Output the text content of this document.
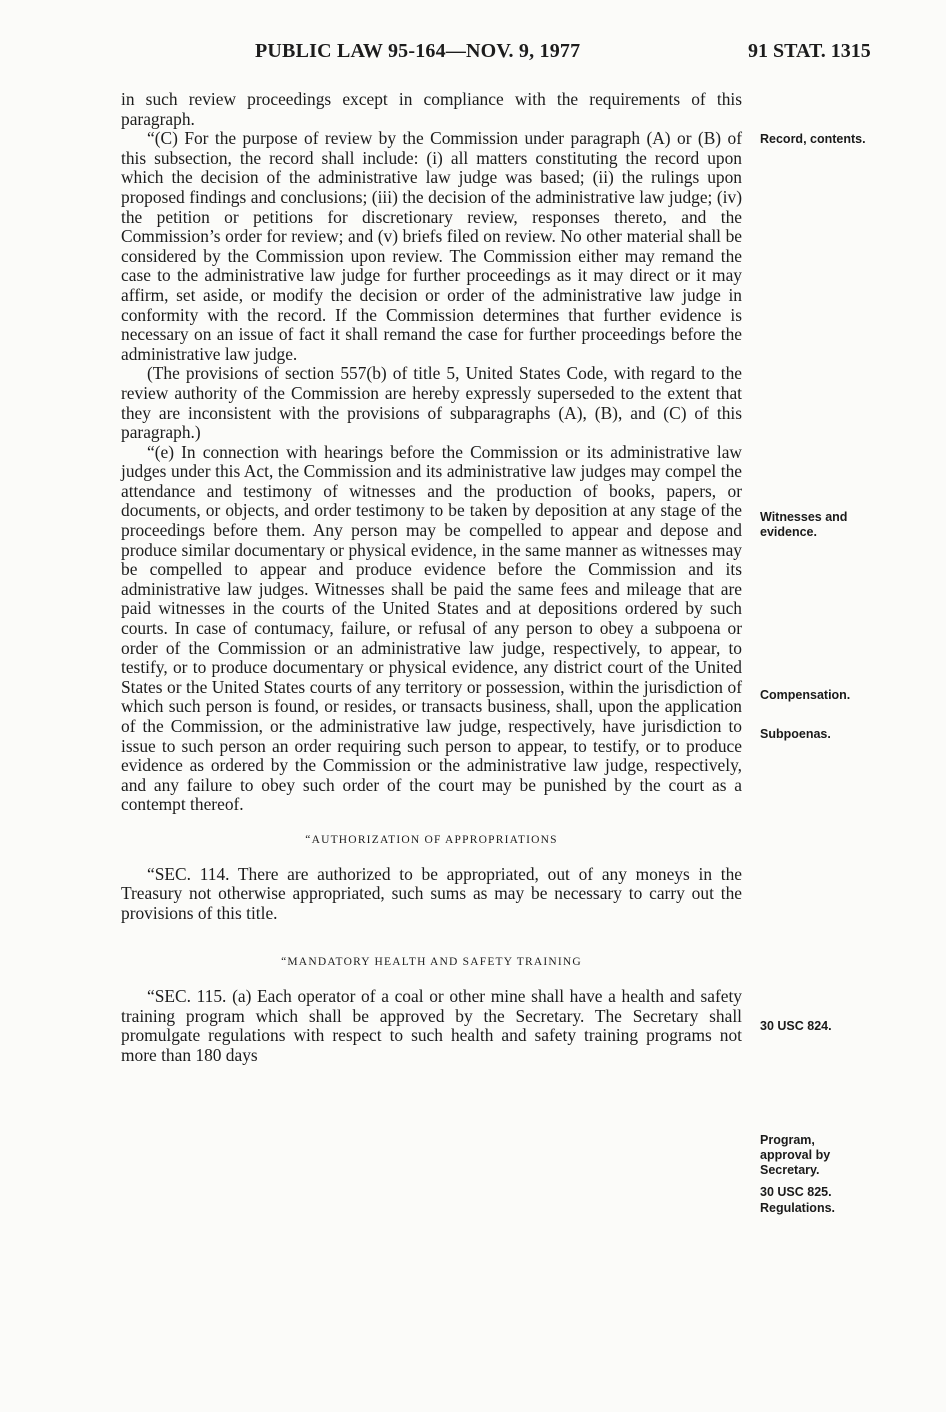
PUBLIC LAW 95-164—NOV. 9, 1977	91 STAT. 1315

in such review proceedings except in compliance with the requirements of this paragraph.

“(C) For the purpose of review by the Commission under paragraph (A) or (B) of this subsection, the record shall include: (i) all matters constituting the record upon which the decision of the administrative law judge was based; (ii) the rulings upon proposed findings and conclusions; (iii) the decision of the administrative law judge; (iv) the petition or petitions for discretionary review, responses thereto, and the Commission’s order for review; and (v) briefs filed on review. No other material shall be considered by the Commission upon review. The Commission either may remand the case to the administrative law judge for further proceedings as it may direct or it may affirm, set aside, or modify the decision or order of the administrative law judge in conformity with the record. If the Commission determines that further evidence is necessary on an issue of fact it shall remand the case for further proceedings before the administrative law judge.

(The provisions of section 557(b) of title 5, United States Code, with regard to the review authority of the Commission are hereby expressly superseded to the extent that they are inconsistent with the provisions of subparagraphs (A), (B), and (C) of this paragraph.)

“(e) In connection with hearings before the Commission or its administrative law judges under this Act, the Commission and its administrative law judges may compel the attendance and testimony of witnesses and the production of books, papers, or documents, or objects, and order testimony to be taken by deposition at any stage of the proceedings before them. Any person may be compelled to appear and depose and produce similar documentary or physical evidence, in the same manner as witnesses may be compelled to appear and produce evidence before the Commission and its administrative law judges. Witnesses shall be paid the same fees and mileage that are paid witnesses in the courts of the United States and at depositions ordered by such courts. In case of contumacy, failure, or refusal of any person to obey a subpoena or order of the Commission or an administrative law judge, respectively, to appear, to testify, or to produce documentary or physical evidence, any district court of the United States or the United States courts of any territory or possession, within the jurisdiction of which such person is found, or resides, or transacts business, shall, upon the application of the Commission, or the administrative law judge, respectively, have jurisdiction to issue to such person an order requiring such person to appear, to testify, or to produce evidence as ordered by the Commission or the administrative law judge, respectively, and any failure to obey such order of the court may be punished by the court as a contempt thereof.

“AUTHORIZATION OF APPROPRIATIONS

“SEC. 114. There are authorized to be appropriated, out of any moneys in the Treasury not otherwise appropriated, such sums as may be necessary to carry out the provisions of this title.

“MANDATORY HEALTH AND SAFETY TRAINING

“SEC. 115. (a) Each operator of a coal or other mine shall have a health and safety training program which shall be approved by the Secretary. The Secretary shall promulgate regulations with respect to such health and safety training programs not more than 180 days

Record, contents.
Witnesses and evidence.
Compensation.
Subpoenas.
30 USC 824.
Program, approval by Secretary.
30 USC 825.
Regulations.
